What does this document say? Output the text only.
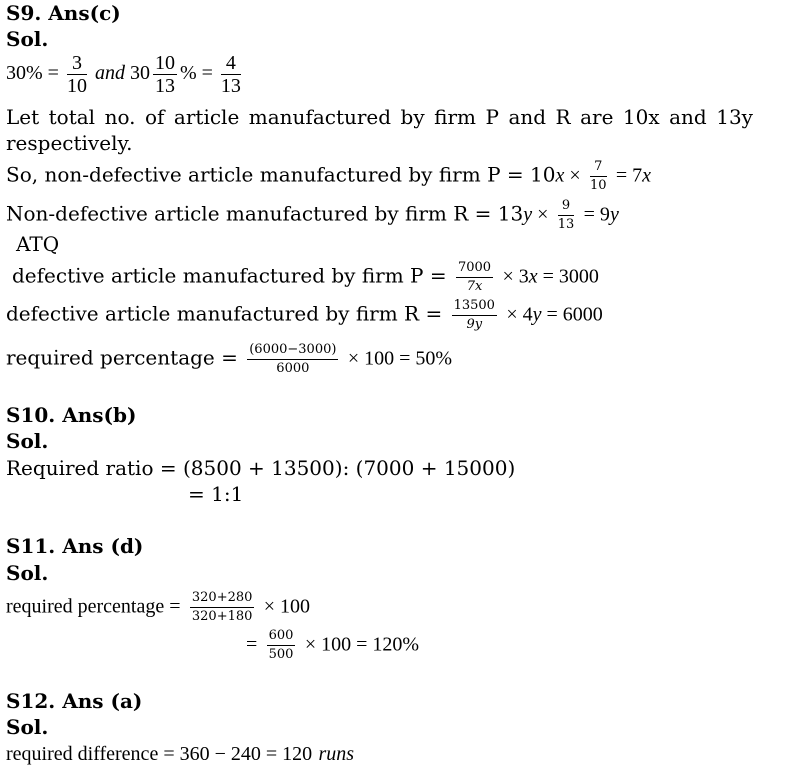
S9. Ans(c)
Sol.
$30\% = \frac{3}{10}$ and $30 \frac{10}{13}$ % = $\frac{4}{13}$
Let total no. of article manufactured by firm P and R are 10x and 13y
respectively.
So, non-defective article manufactured by firm $P = 10x \times \frac{7}{10} = 7x$
Non-defective article manufactured by firm $R = 13y \times \frac{9}{13} = 9y$
ATQ
defective article manufactured by firm $P = \frac{7000}{7x} \times 3x = 3000$
defective article manufactured by firm $R = \frac{13500}{9y} \times 4y = 6000$
required percentage = $\frac{(6000-3000)}{6000} \times 100 = 50\%$
S10. Ans(b)
Sol.
Required ratio = (8500 + 13500): (7000 + 15000)
= 1:1
S11. Ans (d)
Sol.
required percentage = $\frac{320+280}{320+180} \times 100$
= $\frac{600}{500} \times 100 = 120\%$
S12. Ans (a)
Sol.
required difference = 360 − 240 = 120 runs
